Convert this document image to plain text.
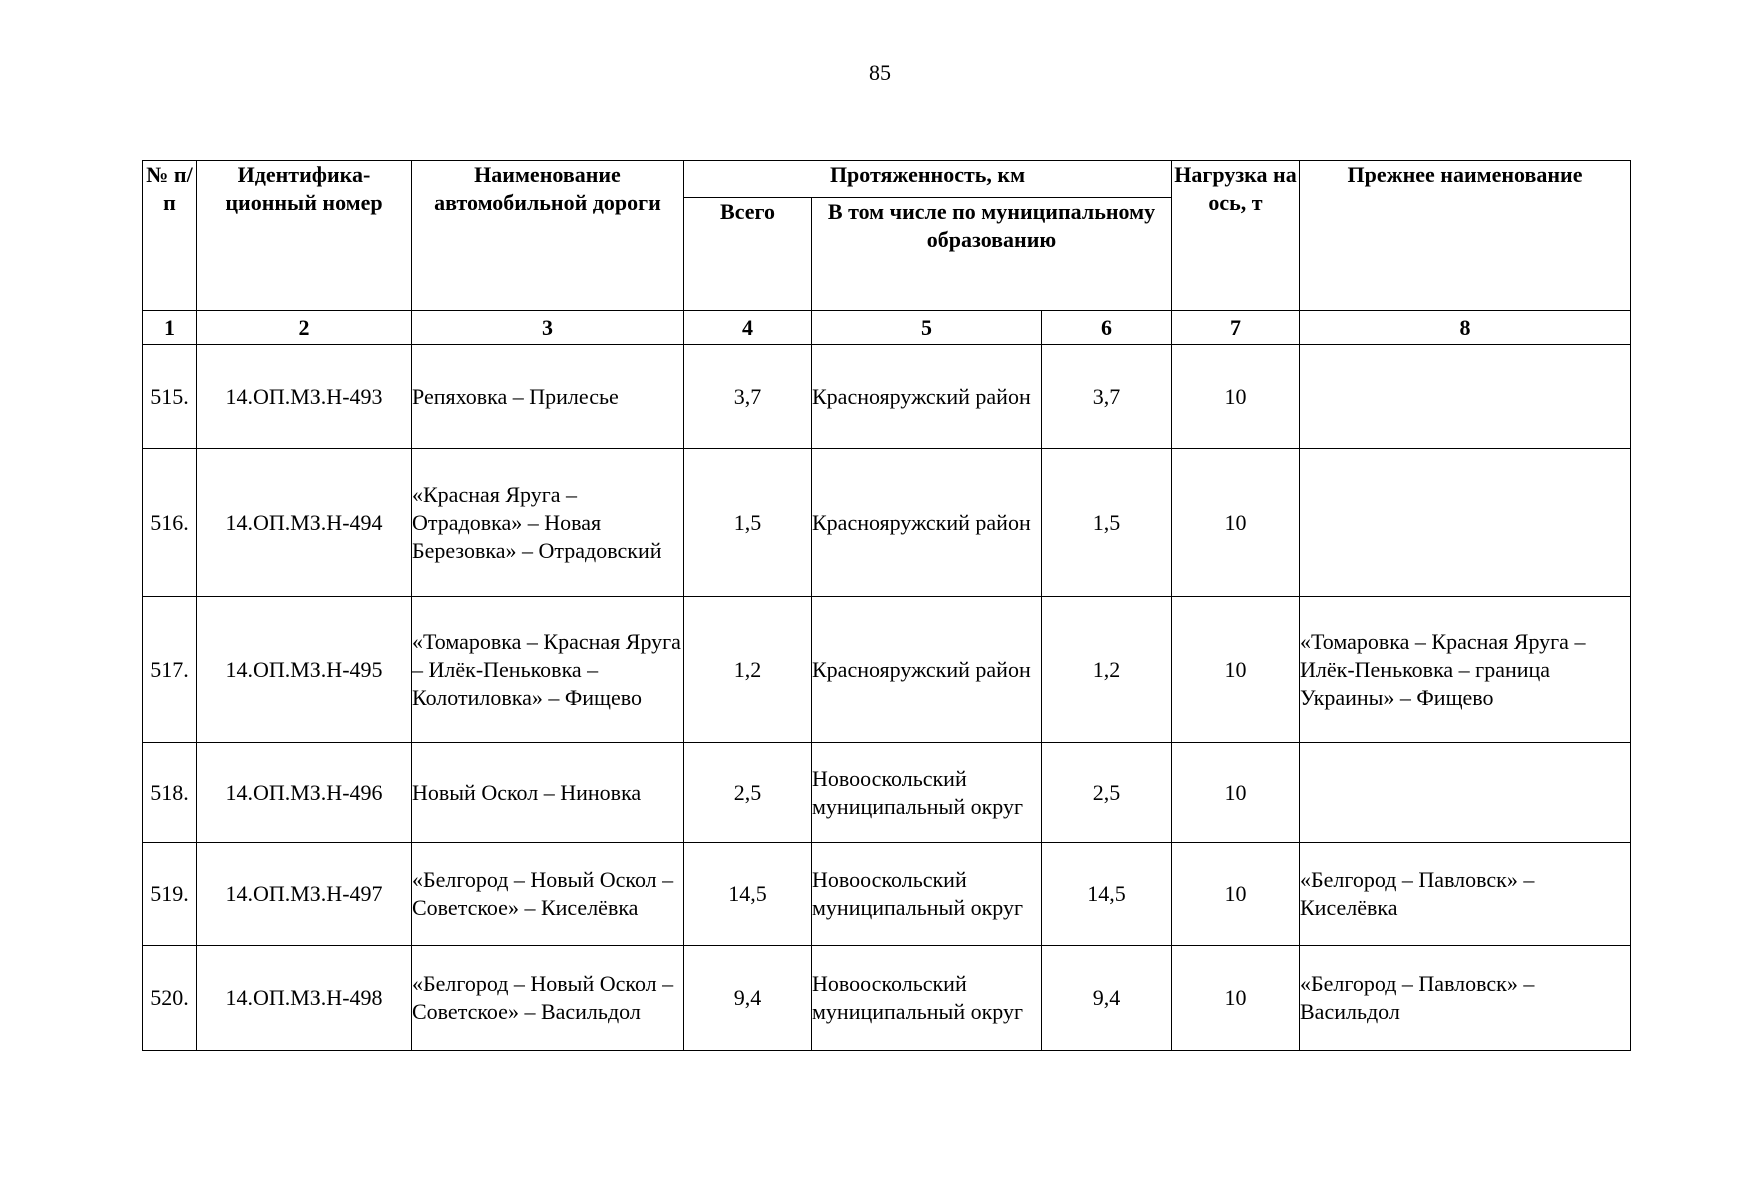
85
№ п/п	Идентифика-ционный номер	Наименование автомобильной дороги	Протяженность, км			Нагрузка на ось, т	Прежнее наименование
			Всего	В том числе по муниципальному образованию			
1	2	3	4	5	6	7	8
515.	14.ОП.МЗ.Н-493	Репяховка – Прилесье	3,7	Краснояружский район	3,7	10	
516.	14.ОП.МЗ.Н-494	«Красная Яруга – Отрадовка» – Новая Березовка» – Отрадовский	1,5	Краснояружский район	1,5	10	
517.	14.ОП.МЗ.Н-495	«Томаровка – Красная Яруга – Илёк-Пеньковка – Колотиловка» – Фищево	1,2	Краснояружский район	1,2	10	«Томаровка – Красная Яруга – Илёк-Пеньковка – граница Украины» – Фищево
518.	14.ОП.МЗ.Н-496	Новый Оскол – Ниновка	2,5	Новооскольский муниципальный округ	2,5	10	
519.	14.ОП.МЗ.Н-497	«Белгород – Новый Оскол – Советское» – Киселёвка	14,5	Новооскольский муниципальный округ	14,5	10	«Белгород – Павловск» – Киселёвка
520.	14.ОП.МЗ.Н-498	«Белгород – Новый Оскол – Советское» – Васильдол	9,4	Новооскольский муниципальный округ	9,4	10	«Белгород – Павловск» – Васильдол
